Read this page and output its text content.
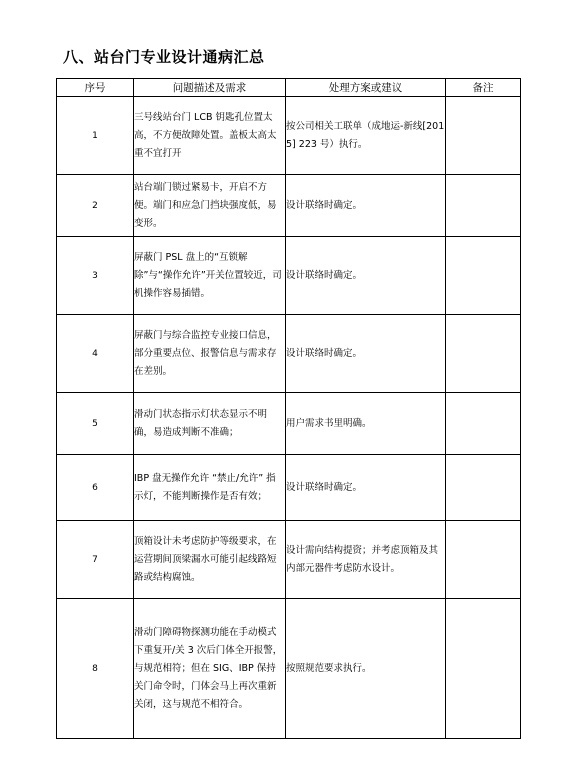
八、站台门专业设计通病汇总
序号	问题描述及需求	处理方案或建议	备注
1	三号线站台门 LCB 钥匙孔位置太高，不方便故障处置。盖板太高太重不宜打开	按公司相关工联单（成地运-新线[2015] 223 号）执行。	
2	站台端门锁过紧易卡，开启不方便。端门和应急门挡块强度低，易变形。	设计联络时确定。	
3	屏蔽门 PSL 盘上的“互锁解除”与“操作允许”开关位置较近，司机操作容易插错。	设计联络时确定。	
4	屏蔽门与综合监控专业接口信息，部分重要点位、报警信息与需求存在差别。	设计联络时确定。	
5	滑动门状态指示灯状态显示不明确，易造成判断不准确；	用户需求书里明确。	
6	IBP 盘无操作允许 “禁止/允许” 指示灯，不能判断操作是否有效；	设计联络时确定。	
7	顶箱设计未考虑防护等级要求，在运营期间顶梁漏水可能引起线路短路或结构腐蚀。	设计需向结构提资；并考虑顶箱及其内部元器件考虑防水设计。	
8	滑动门障碍物探测功能在手动模式下重复开/关 3 次后门体全开报警，与规范相符；但在 SIG、IBP 保持关门命令时，门体会马上再次重新关闭，这与规范不相符合。	按照规范要求执行。	
